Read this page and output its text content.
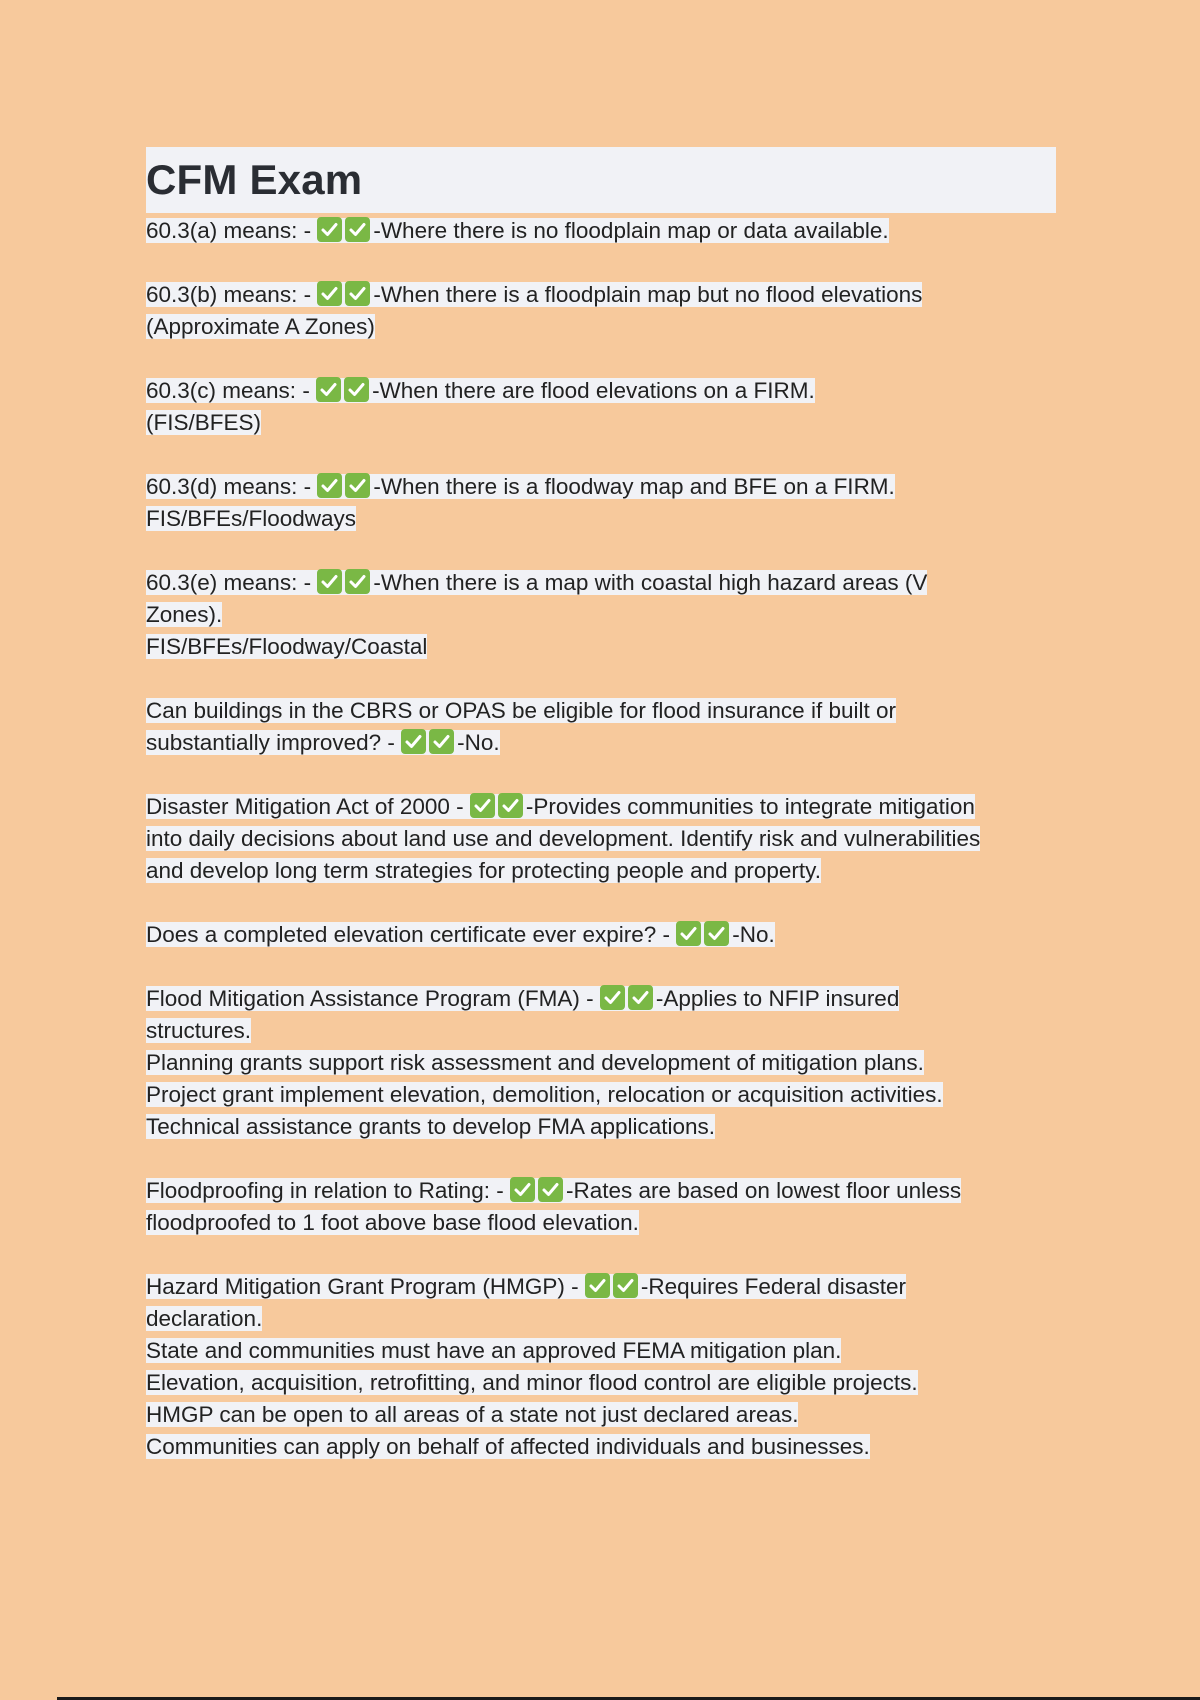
CFM Exam
60.3(a) means: -
-Where there is no floodplain map or data available.
60.3(b) means: -
-When there is a floodplain map but no flood elevations
(Approximate A Zones)
60.3(c) means: -
-When there are flood elevations on a FIRM.
(FIS/BFES)
60.3(d) means: -
-When there is a floodway map and BFE on a FIRM.
FIS/BFEs/Floodways
60.3(e) means: -
-When there is a map with coastal high hazard areas (V
Zones).
FIS/BFEs/Floodway/Coastal
Can buildings in the CBRS or OPAS be eligible for flood insurance if built or
substantially improved? -
-No.
Disaster Mitigation Act of 2000 -
-Provides communities to integrate mitigation
into daily decisions about land use and development. Identify risk and vulnerabilities
and develop long term strategies for protecting people and property.
Does a completed elevation certificate ever expire? -
-No.
Flood Mitigation Assistance Program (FMA) -
-Applies to NFIP insured
structures.
Planning grants support risk assessment and development of mitigation plans.
Project grant implement elevation, demolition, relocation or acquisition activities.
Technical assistance grants to develop FMA applications.
Floodproofing in relation to Rating: -
-Rates are based on lowest floor unless
floodproofed to 1 foot above base flood elevation.
Hazard Mitigation Grant Program (HMGP) -
-Requires Federal disaster
declaration.
State and communities must have an approved FEMA mitigation plan.
Elevation, acquisition, retrofitting, and minor flood control are eligible projects.
HMGP can be open to all areas of a state not just declared areas.
Communities can apply on behalf of affected individuals and businesses.
